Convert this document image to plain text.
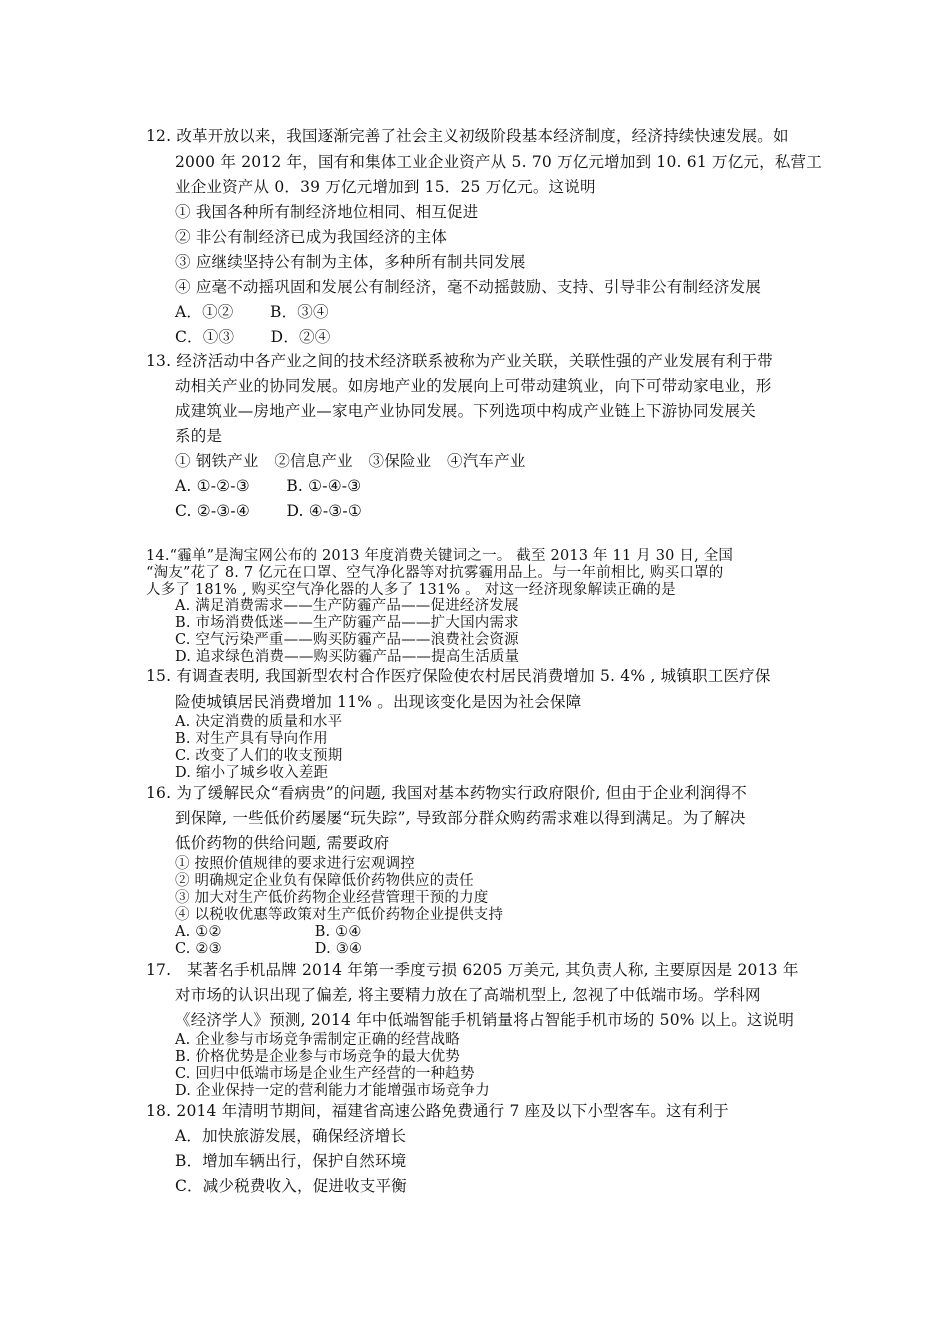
12. 改革开放以来，我国逐渐完善了社会主义初级阶段基本经济制度，经济持续快速发展。如
2000 年 2012 年，国有和集体工业企业资产从 5. 70 万亿元增加到 10. 61 万亿元，私营工
业企业资产从 0．39 万亿元增加到 15．25 万亿元。这说明
① 我国各种所有制经济地位相同、相互促进
② 非公有制经济已成为我国经济的主体
③ 应继续坚持公有制为主体，多种所有制共同发展
④ 应毫不动摇巩固和发展公有制经济，毫不动摇鼓励、支持、引导非公有制经济发展
A．①②　　 B．③④
C．①③　　 D．②④
13. 经济活动中各产业之间的技术经济联系被称为产业关联，关联性强的产业发展有利于带
动相关产业的协同发展。如房地产业的发展向上可带动建筑业，向下可带动家电业，形
成建筑业—房地产业—家电产业协同发展。下列选项中构成产业链上下游协同发展关
系的是
① 钢铁产业　②信息产业　③保险业　④汽车产业
A. ①-②-③　　 B. ①-④-③
C. ②-③-④　　 D. ④-③-①
14.“霾单”是淘宝网公布的 2013 年度消费关键词之一。 截至 2013 年 11 月 30 日, 全国
“淘友”花了 8. 7 亿元在口罩、空气净化器等对抗雾霾用品上。与一年前相比, 购买口罩的
人多了 181% , 购买空气净化器的人多了 131% 。 对这一经济现象解读正确的是
A. 满足消费需求——生产防霾产品——促进经济发展
B. 市场消费低迷——生产防霾产品——扩大国内需求
C. 空气污染严重——购买防霾产品——浪费社会资源
D. 追求绿色消费——购买防霾产品——提高生活质量
15. 有调查表明, 我国新型农村合作医疗保险使农村居民消费增加 5. 4% , 城镇职工医疗保
险使城镇居民消费增加 11% 。出现该变化是因为社会保障
A. 决定消费的质量和水平
B. 对生产具有导向作用
C. 改变了人们的收支预期
D. 缩小了城乡收入差距
16. 为了缓解民众“看病贵”的问题, 我国对基本药物实行政府限价, 但由于企业利润得不
到保障, 一些低价药屡屡“玩失踪”, 导致部分群众购药需求难以得到满足。为了解决
低价药物的供给问题, 需要政府
① 按照价值规律的要求进行宏观调控
② 明确规定企业负有保障低价药物供应的责任
③ 加大对生产低价药物企业经营管理干预的力度
④ 以税收优惠等政策对生产低价药物企业提供支持
A. ①②　　　　　　 B. ①④
C. ②③　　　　　　 D. ③④
17.　某著名手机品牌 2014 年第一季度亏损 6205 万美元, 其负责人称, 主要原因是 2013 年
对市场的认识出现了偏差, 将主要精力放在了高端机型上, 忽视了中低端市场。学科网
《经济学人》预测, 2014 年中低端智能手机销量将占智能手机市场的 50% 以上。这说明
A. 企业参与市场竞争需制定正确的经营战略
B. 价格优势是企业参与市场竞争的最大优势
C. 回归中低端市场是企业生产经营的一种趋势
D. 企业保持一定的营利能力才能增强市场竞争力
18. 2014 年清明节期间，福建省高速公路免费通行 7 座及以下小型客车。这有利于
A．加快旅游发展，确保经济增长
B．增加车辆出行，保护自然环境
C．减少税费收入，促进收支平衡
